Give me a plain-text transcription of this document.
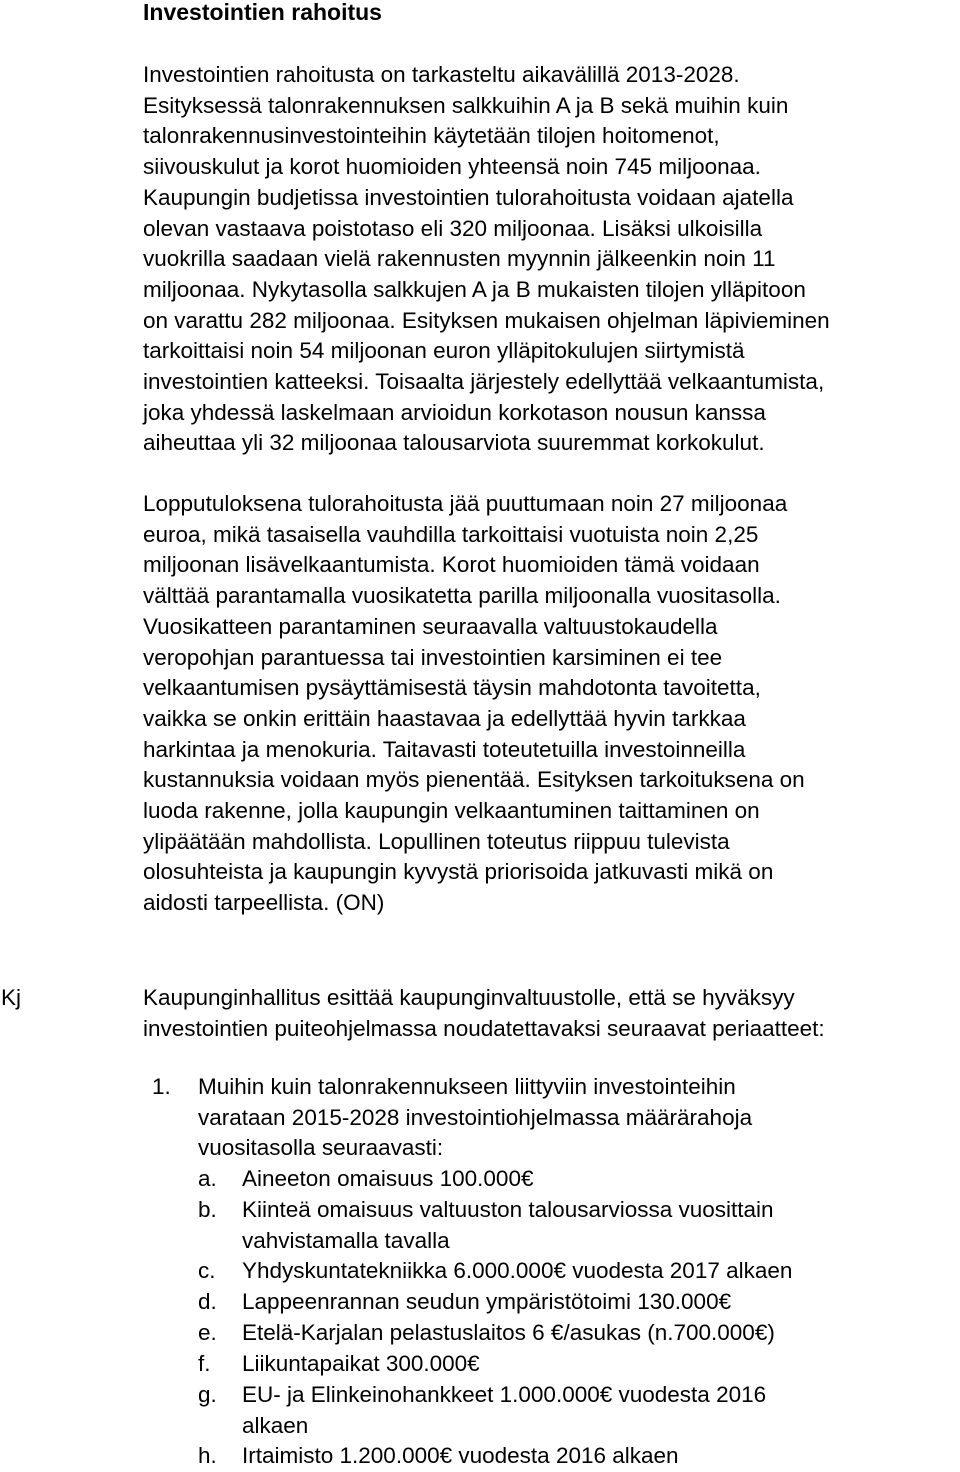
Investointien rahoitus
Investointien rahoitusta on tarkasteltu aikavälillä 2013-2028.
Esityksessä talonrakennuksen salkkuihin A ja B sekä muihin kuin
talonrakennusinvestointeihin käytetään tilojen hoitomenot,
siivouskulut ja korot huomioiden yhteensä noin 745 miljoonaa.
Kaupungin budjetissa investointien tulorahoitusta voidaan ajatella
olevan vastaava poistotaso eli 320 miljoonaa. Lisäksi ulkoisilla
vuokrilla saadaan vielä rakennusten myynnin jälkeenkin noin 11
miljoonaa. Nykytasolla salkkujen A ja B mukaisten tilojen ylläpitoon
on varattu 282 miljoonaa. Esityksen mukaisen ohjelman läpivieminen
tarkoittaisi noin 54 miljoonan euron ylläpitokulujen siirtymistä
investointien katteeksi. Toisaalta järjestely edellyttää velkaantumista,
joka yhdessä laskelmaan arvioidun korkotason nousun kanssa
aiheuttaa yli 32 miljoonaa talousarviota suuremmat korkokulut.
Lopputuloksena tulorahoitusta jää puuttumaan noin 27 miljoonaa
euroa, mikä tasaisella vauhdilla tarkoittaisi vuotuista noin 2,25
miljoonan lisävelkaantumista. Korot huomioiden tämä voidaan
välttää parantamalla vuosikatetta parilla miljoonalla vuositasolla.
Vuosikatteen parantaminen seuraavalla valtuustokaudella
veropohjan parantuessa tai investointien karsiminen ei tee
velkaantumisen pysäyttämisestä täysin mahdotonta tavoitetta,
vaikka se onkin erittäin haastavaa ja edellyttää hyvin tarkkaa
harkintaa ja menokuria. Taitavasti toteutetuilla investoinneilla
kustannuksia voidaan myös pienentää. Esityksen tarkoituksena on
luoda rakenne, jolla kaupungin velkaantuminen taittaminen on
ylipäätään mahdollista. Lopullinen toteutus riippuu tulevista
olosuhteista ja kaupungin kyvystä priorisoida jatkuvasti mikä on
aidosti tarpeellista. (ON)
Kj	Kaupunginhallitus esittää kaupunginvaltuustolle, että se hyväksyy
investointien puiteohjelmassa noudatettavaksi seuraavat periaatteet:
1. Muihin kuin talonrakennukseen liittyviin investointeihin
varataan 2015-2028 investointiohjelmassa määrärahoja
vuositasolla seuraavasti:
a. Aineeton omaisuus 100.000€
b. Kiinteä omaisuus valtuuston talousarviossa vuosittain
vahvistamalla tavalla
c. Yhdyskuntatekniikka 6.000.000€ vuodesta 2017 alkaen
d. Lappeenrannan seudun ympäristötoimi 130.000€
e. Etelä-Karjalan pelastuslaitos 6 €/asukas (n.700.000€)
f. Liikuntapaikat 300.000€
g. EU- ja Elinkeinohankkeet 1.000.000€ vuodesta 2016
alkaen
h. Irtaimisto 1.200.000€ vuodesta 2016 alkaen
